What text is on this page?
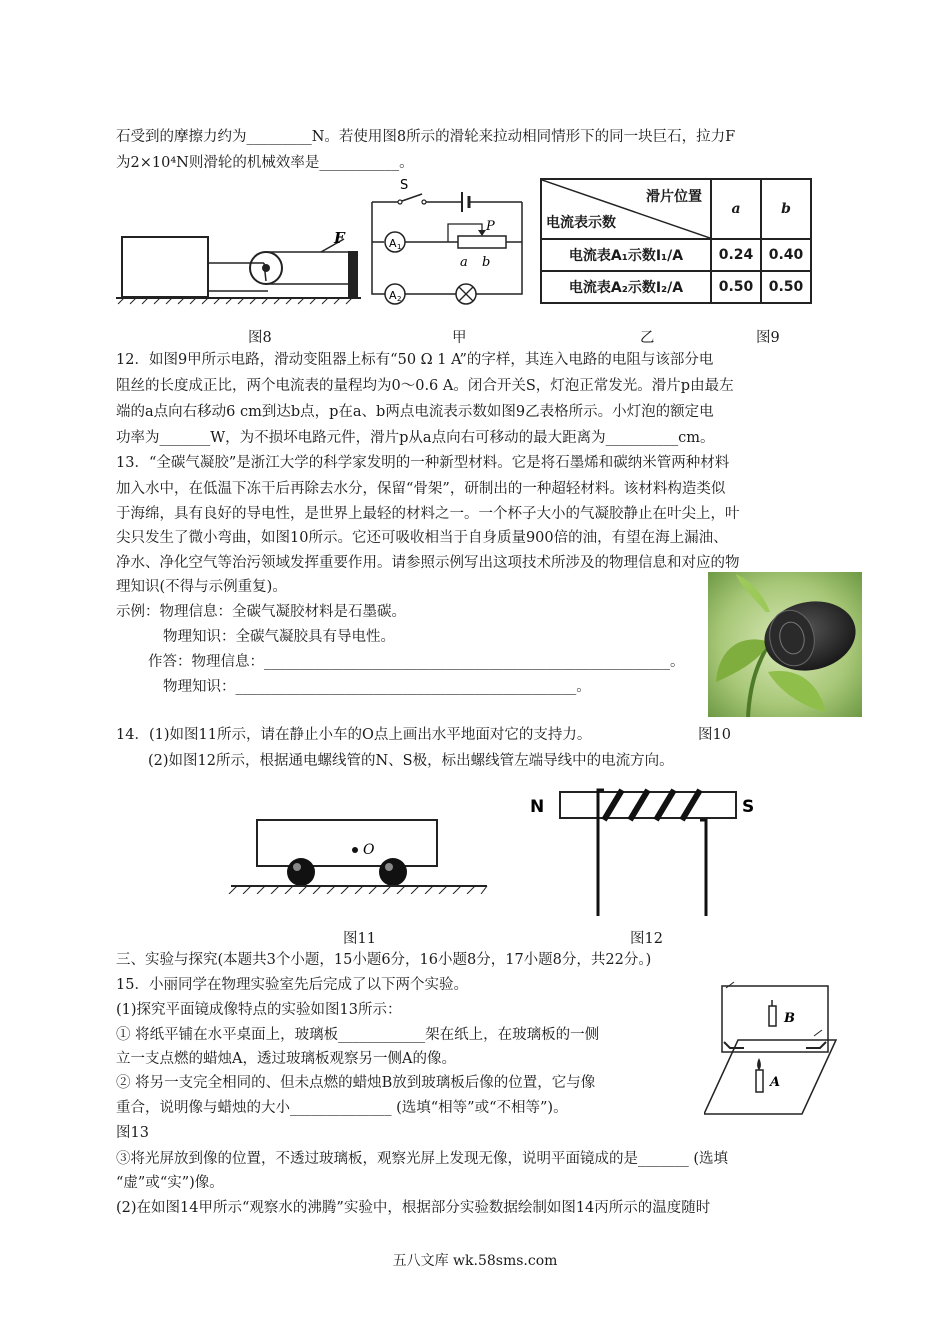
石受到的摩擦力约为_________N。若使用图8所示的滑轮来拉动相同情形下的同一块巨石，拉力F
为2×10⁴N则滑轮的机械效率是___________。
F
S
A 1
P
a b
A 2
滑片位置
电流表示数	a	b
电流表A₁示数I₁/A	0.24	0.40
电流表A₂示数I₂/A	0.50	0.50
图8	甲	乙	图9
12．如图9甲所示电路，滑动变阻器上标有“50 Ω 1 A”的字样，其连入电路的电阻与该部分电
阻丝的长度成正比，两个电流表的量程均为0～0.6 A。闭合开关S，灯泡正常发光。滑片p由最左
端的a点向右移动6 cm到达b点，p在a、b两点电流表示数如图9乙表格所示。小灯泡的额定电
功率为_______W，为不损坏电路元件，滑片p从a点向右可移动的最大距离为__________cm。
13．“全碳气凝胶”是浙江大学的科学家发明的一种新型材料。它是将石墨烯和碳纳米管两种材料
加入水中，在低温下冻干后再除去水分，保留“骨架”，研制出的一种超轻材料。该材料构造类似
于海绵，具有良好的导电性，是世界上最轻的材料之一。一个杯子大小的气凝胶静止在叶尖上，叶
尖只发生了微小弯曲，如图10所示。它还可吸收相当于自身质量900倍的油，有望在海上漏油、
净水、净化空气等治污领域发挥重要作用。请参照示例写出这项技术所涉及的物理信息和对应的物
理知识(不得与示例重复)。
示例：物理信息：全碳气凝胶材料是石墨碳。
物理知识：全碳气凝胶具有导电性。
作答：物理信息：________________________________________________________。
物理知识：_______________________________________________。
14．(1)如图11所示，请在静止小车的O点上画出水平地面对它的支持力。	图10
(2)如图12所示，根据通电螺线管的N、S极，标出螺线管左端导线中的电流方向。
O
N	S
图11	图12
三、实验与探究(本题共3个小题，15小题6分，16小题8分，17小题8分，共22分。)
15．小丽同学在物理实验室先后完成了以下两个实验。
(1)探究平面镜成像特点的实验如图13所示：
① 将纸平铺在水平桌面上，玻璃板____________架在纸上，在玻璃板的一侧
立一支点燃的蜡烛A，透过玻璃板观察另一侧A的像。
② 将另一支完全相同的、但未点燃的蜡烛B放到玻璃板后像的位置，它与像
重合，说明像与蜡烛的大小______________ (选填“相等”或“不相等”)。
图13
B
A
③将光屏放到像的位置，不透过玻璃板，观察光屏上发现无像，说明平面镜成的是_______ (选填
“虚”或“实”)像。
(2)在如图14甲所示“观察水的沸腾”实验中，根据部分实验数据绘制如图14丙所示的温度随时
五八文库 wk.58sms.com
